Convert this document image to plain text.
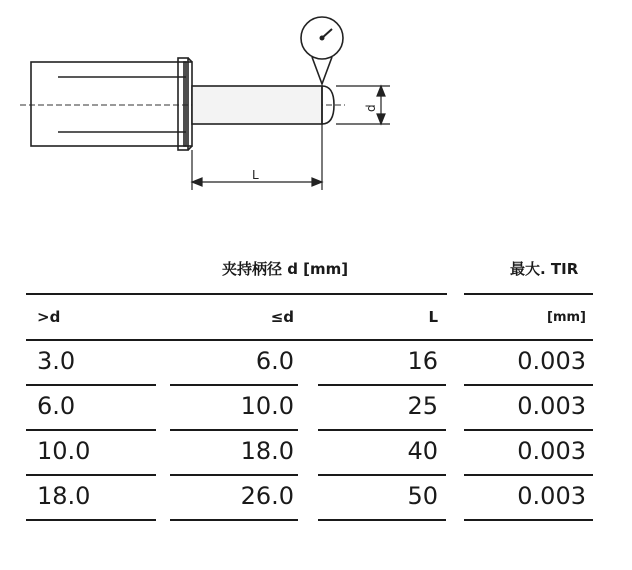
L
d
夹持柄径 d [mm]	最大. TIR
>d	≤d	L	[mm]
3.0	6.0	16	0.003
6.0	10.0	25	0.003
10.0	18.0	40	0.003
18.0	26.0	50	0.003
